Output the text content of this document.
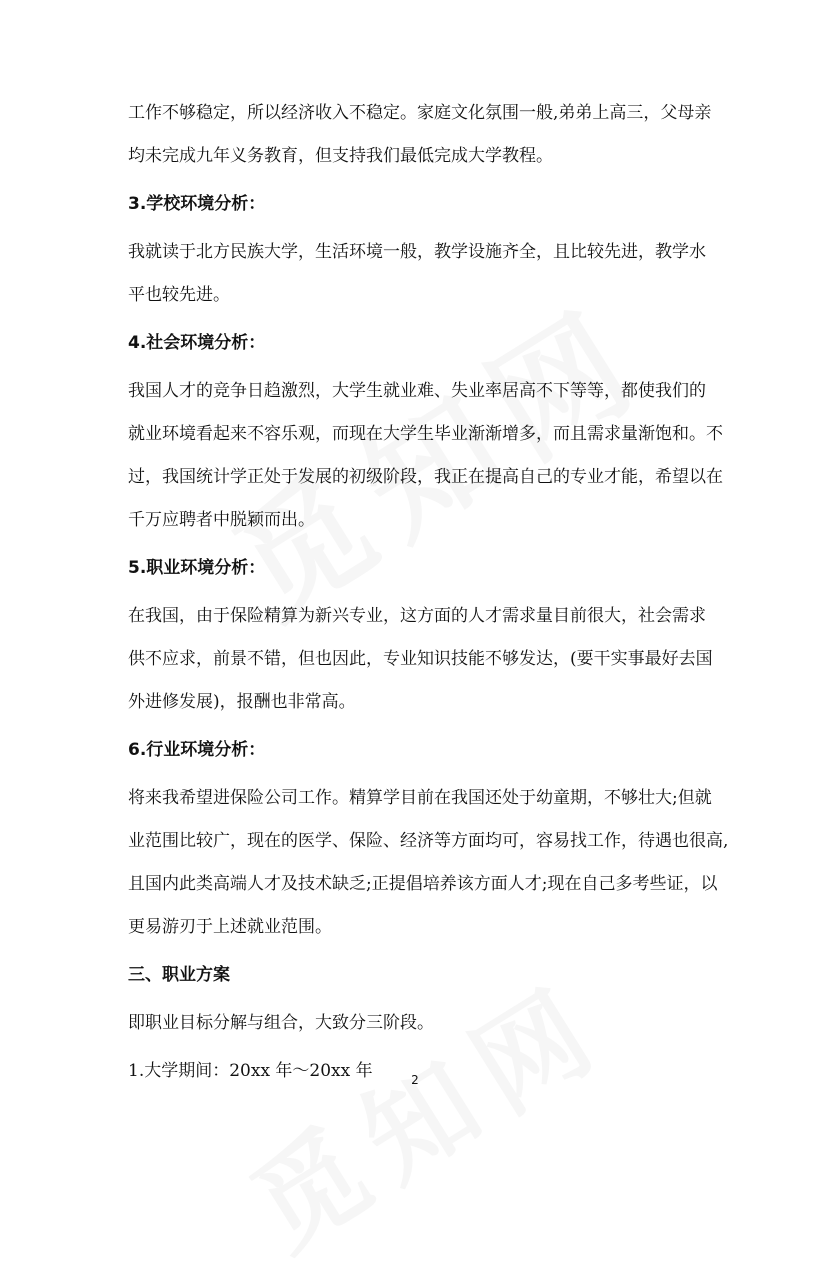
工作不够稳定，所以经济收入不稳定。家庭文化氛围一般,弟弟上高三，父母亲
均未完成九年义务教育，但支持我们最低完成大学教程。
3.学校环境分析：
我就读于北方民族大学，生活环境一般，教学设施齐全，且比较先进，教学水
平也较先进。
4.社会环境分析：
我国人才的竞争日趋激烈，大学生就业难、失业率居高不下等等，都使我们的
就业环境看起来不容乐观，而现在大学生毕业渐渐增多，而且需求量渐饱和。不
过，我国统计学正处于发展的初级阶段，我正在提高自己的专业才能，希望以在
千万应聘者中脱颖而出。
5.职业环境分析：
在我国，由于保险精算为新兴专业，这方面的人才需求量目前很大，社会需求
供不应求，前景不错，但也因此，专业知识技能不够发达，(要干实事最好去国
外进修发展)，报酬也非常高。
6.行业环境分析：
将来我希望进保险公司工作。精算学目前在我国还处于幼童期，不够壮大;但就
业范围比较广，现在的医学、保险、经济等方面均可，容易找工作，待遇也很高,
且国内此类高端人才及技术缺乏;正提倡培养该方面人才;现在自己多考些证，以
更易游刃于上述就业范围。
三、职业方案
即职业目标分解与组合，大致分三阶段。
1.大学期间：20xx 年～20xx 年	2
